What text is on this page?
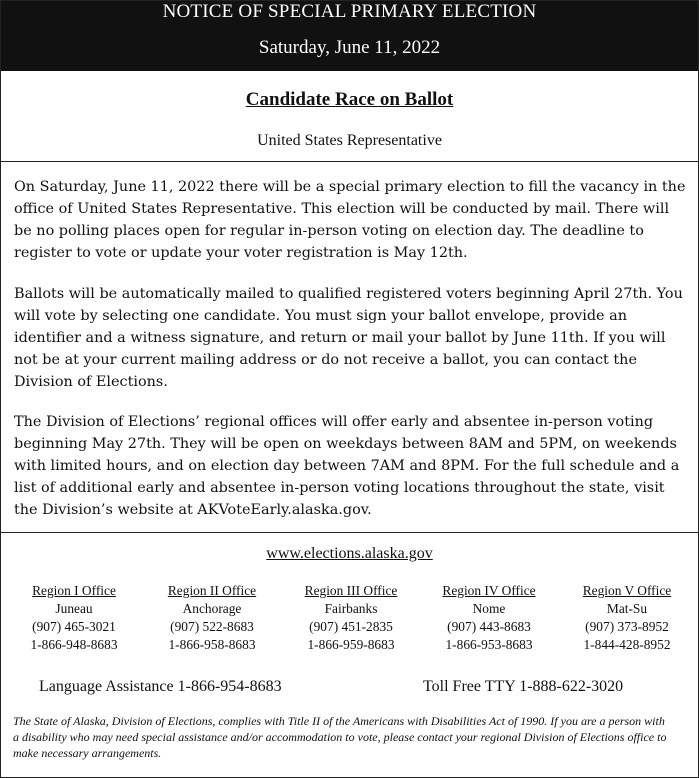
NOTICE OF SPECIAL PRIMARY ELECTION
Saturday, June 11, 2022
Candidate Race on Ballot
United States Representative

On Saturday, June 11, 2022 there will be a special primary election to fill the vacancy in the office of United States Representative. This election will be conducted by mail. There will be no polling places open for regular in-person voting on election day. The deadline to register to vote or update your voter registration is May 12th.

Ballots will be automatically mailed to qualified registered voters beginning April 27th. You will vote by selecting one candidate. You must sign your ballot envelope, provide an identifier and a witness signature, and return or mail your ballot by June 11th. If you will not be at your current mailing address or do not receive a ballot, you can contact the Division of Elections.

The Division of Elections’ regional offices will offer early and absentee in-person voting beginning May 27th. They will be open on weekdays between 8AM and 5PM, on weekends with limited hours, and on election day between 7AM and 8PM. For the full schedule and a list of additional early and absentee in-person voting locations throughout the state, visit the Division’s website at AKVoteEarly.alaska.gov.

www.elections.alaska.gov
Region I Office
Juneau
(907) 465-3021
1-866-948-8683
Region II Office
Anchorage
(907) 522-8683
1-866-958-8683
Region III Office
Fairbanks
(907) 451-2835
1-866-959-8683
Region IV Office
Nome
(907) 443-8683
1-866-953-8683
Region V Office
Mat-Su
(907) 373-8952
1-844-428-8952
Language Assistance 1-866-954-8683	Toll Free TTY 1-888-622-3020

The State of Alaska, Division of Elections, complies with Title II of the Americans with Disabilities Act of 1990. If you are a person with a disability who may need special assistance and/or accommodation to vote, please contact your regional Division of Elections office to make necessary arrangements.
